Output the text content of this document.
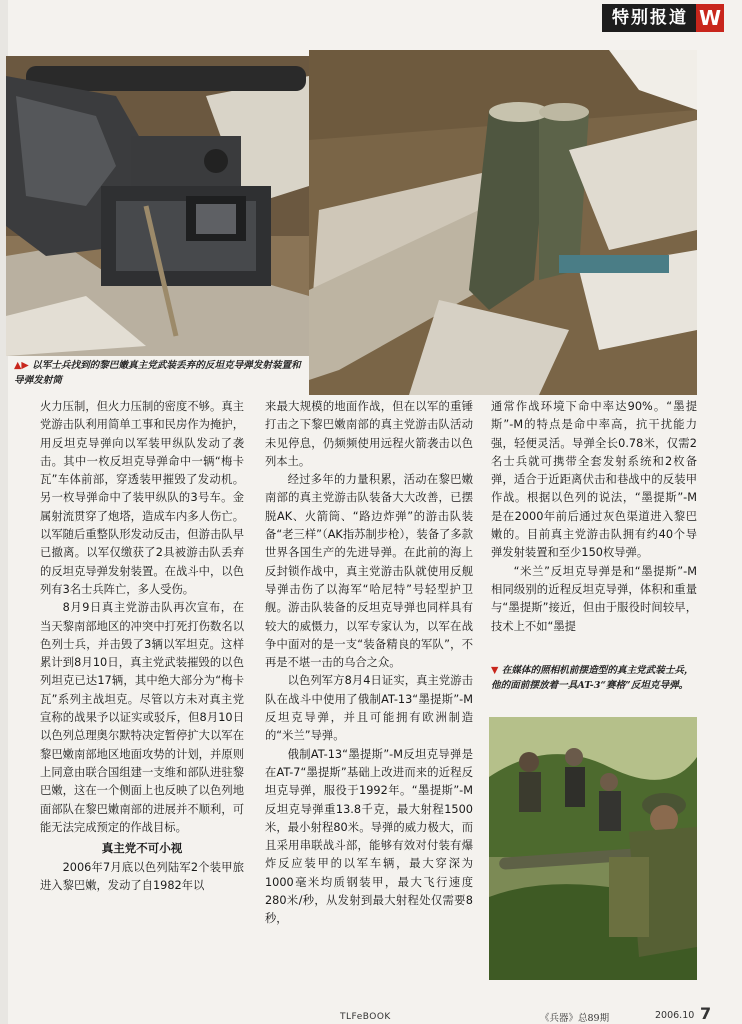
特别报道 W
▲▶ 以军士兵找到的黎巴嫩真主党武装丢弃的反坦克导弹发射装置和导弹发射筒

火力压制，但火力压制的密度不够。真主党游击队利用简单工事和民房作为掩护，用反坦克导弹向以军装甲纵队发动了袭击。其中一枚反坦克导弹命中一辆“梅卡瓦”车体前部，穿透装甲摧毁了发动机。另一枚导弹命中了装甲纵队的3号车。金属射流贯穿了炮塔，造成车内多人伤亡。以军随后重整队形发动反击，但游击队早已撤离。以军仅缴获了2具被游击队丢弃的反坦克导弹发射装置。在战斗中，以色列有3名士兵阵亡，多人受伤。

8月9日真主党游击队再次宣布，在当天黎南部地区的冲突中打死打伤数名以色列士兵，并击毁了3辆以军坦克。这样累计到8月10日，真主党武装摧毁的以色列坦克已达17辆，其中绝大部分为“梅卡瓦”系列主战坦克。尽管以方未对真主党宣称的战果予以证实或驳斥，但8月10日以色列总理奥尔默特决定暂停扩大以军在黎巴嫩南部地区地面攻势的计划，并原则上同意由联合国组建一支维和部队进驻黎巴嫩，这在一个侧面上也反映了以色列地面部队在黎巴嫩南部的进展并不顺利，可能无法完成预定的作战目标。

真主党不可小视

2006年7月底以色列陆军2个装甲旅进入黎巴嫩，发动了自1982年以

来最大规模的地面作战，但在以军的重锤打击之下黎巴嫩南部的真主党游击队活动未见停息，仍频频使用远程火箭袭击以色列本土。

经过多年的力量积累，活动在黎巴嫩南部的真主党游击队装备大大改善，已摆脱AK、火箭筒、“路边炸弹”的游击队装备“老三样”（AK指苏制步枪），装备了多款世界各国生产的先进导弹。在此前的海上反封锁作战中，真主党游击队就使用反舰导弹击伤了以海军“哈尼特”号轻型护卫舰。游击队装备的反坦克导弹也同样具有较大的威慑力，以军专家认为，以军在战争中面对的是一支“装备精良的军队”，不再是不堪一击的乌合之众。

以色列军方8月4日证实，真主党游击队在战斗中使用了俄制AT-13“墨提斯”-M反坦克导弹，并且可能拥有欧洲制造的“米兰”导弹。

俄制AT-13“墨提斯”-M反坦克导弹是在AT-7“墨提斯”基础上改进而来的近程反坦克导弹，服役于1992年。“墨提斯”-M反坦克导弹重13.8千克，最大射程1500米，最小射程80米。导弹的威力极大，而且采用串联战斗部，能够有效对付装有爆炸反应装甲的以军车辆，最大穿深为1000毫米均质钢装甲，最大飞行速度280米/秒，从发射到最大射程处仅需要8秒，

通常作战环境下命中率达90%。“墨提斯”-M的特点是命中率高，抗干扰能力强，轻便灵活。导弹全长0.78米，仅需2名士兵就可携带全套发射系统和2枚备弹，适合于近距离伏击和巷战中的反装甲作战。根据以色列的说法，“墨提斯”-M是在2000年前后通过灰色渠道进入黎巴嫩的。目前真主党游击队拥有约40个导弹发射装置和至少150枚导弹。

“米兰”反坦克导弹是和“墨提斯”-M相同级别的近程反坦克导弹，体积和重量与“墨提斯”接近，但由于服役时间较早，技术上不如“墨提

▼ 在媒体的照相机前摆造型的真主党武装士兵，他的面前摆放着一具AT-3“赛格”反坦克导弹。
TLFeBOOK	《兵器》总89期	2006.10 7
